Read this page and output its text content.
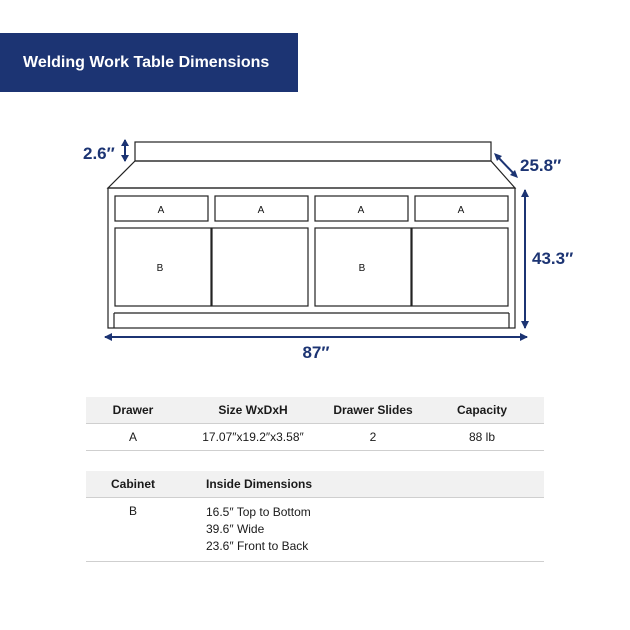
Welding Work Table Dimensions
A	A	A	A
B	B
2.6″
25.8″
43.3″
87″
Drawer	Size WxDxH	Drawer Slides	Capacity
A	17.07″x19.2″x3.58″	2	88 lb
Cabinet	Inside Dimensions
B	16.5″ Top to Bottom
39.6″ Wide
23.6″ Front to Back
